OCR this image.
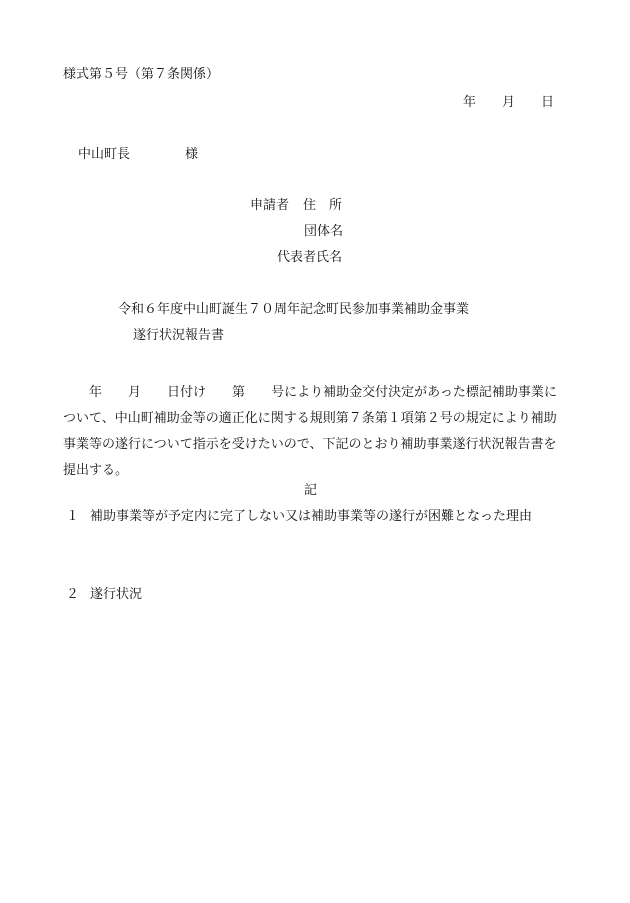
様式第５号（第７条関係）
年 月 日
中山町長	様
申請者 住　所
団体名
代表者氏名
令和６年度中山町誕生７０周年記念町民参加事業補助金事業
遂行状況報告書
年 月 日付け 第 号により補助金交付決定があった標記補助事業について、中山町補助金等の適正化に関する規則第７条第１項第２号の規定により補助事業等の遂行について指示を受けたいので、下記のとおり補助事業遂行状況報告書を提出する。
記
１ 補助事業等が予定内に完了しない又は補助事業等の遂行が困難となった理由
２ 遂行状況
